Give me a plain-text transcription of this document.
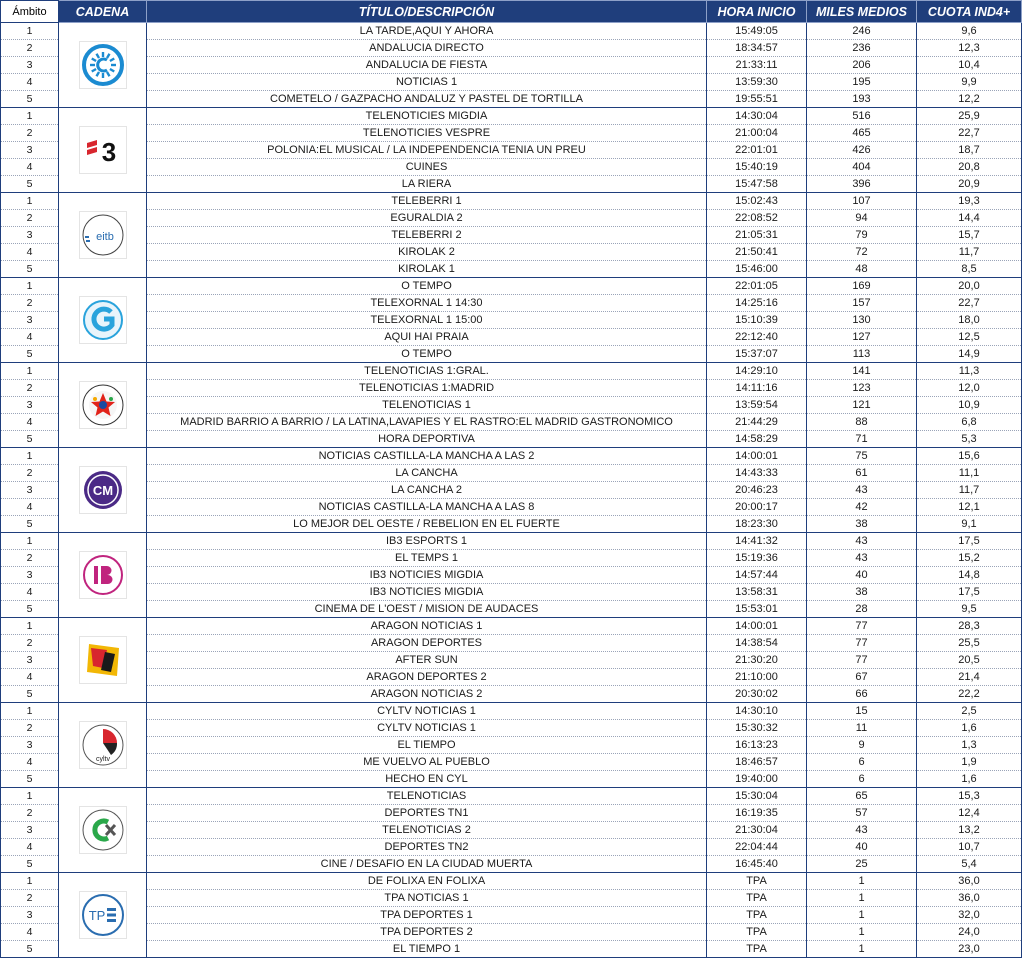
Ámbito	CADENA	TÍTULO/DESCRIPCIÓN	HORA INICIO	MILES MEDIOS	CUOTA IND4+
1		LA TARDE,AQUI Y AHORA	15:49:05	246	9,6
2		ANDALUCIA DIRECTO	18:34:57	236	12,3
3		ANDALUCIA DE FIESTA	21:33:11	206	10,4
4		NOTICIAS 1	13:59:30	195	9,9
5		COMETELO / GAZPACHO ANDALUZ Y PASTEL DE TORTILLA	19:55:51	193	12,2
1	3	TELENOTICIES MIGDIA	14:30:04	516	25,9
2		TELENOTICIES VESPRE	21:00:04	465	22,7
3		POLONIA:EL MUSICAL / LA INDEPENDENCIA TENIA UN PREU	22:01:01	426	18,7
4		CUINES	15:40:19	404	20,8
5		LA RIERA	15:47:58	396	20,9
1	eitb	TELEBERRI 1	15:02:43	107	19,3
2		EGURALDIA 2	22:08:52	94	14,4
3		TELEBERRI 2	21:05:31	79	15,7
4		KIROLAK 2	21:50:41	72	11,7
5		KIROLAK 1	15:46:00	48	8,5
1		O TEMPO	22:01:05	169	20,0
2		TELEXORNAL 1 14:30	14:25:16	157	22,7
3		TELEXORNAL 1 15:00	15:10:39	130	18,0
4		AQUI HAI PRAIA	22:12:40	127	12,5
5		O TEMPO	15:37:07	113	14,9
1		TELENOTICIAS 1:GRAL.	14:29:10	141	11,3
2		TELENOTICIAS 1:MADRID	14:11:16	123	12,0
3		TELENOTICIAS 1	13:59:54	121	10,9
4		MADRID BARRIO A BARRIO / LA LATINA,LAVAPIES Y EL RASTRO:EL MADRID GASTRONOMICO	21:44:29	88	6,8
5		HORA DEPORTIVA	14:58:29	71	5,3
1	CM	NOTICIAS CASTILLA-LA MANCHA A LAS 2	14:00:01	75	15,6
2		LA CANCHA	14:43:33	61	11,1
3		LA CANCHA 2	20:46:23	43	11,7
4		NOTICIAS CASTILLA-LA MANCHA A LAS 8	20:00:17	42	12,1
5		LO MEJOR DEL OESTE / REBELION EN EL FUERTE	18:23:30	38	9,1
1		IB3 ESPORTS 1	14:41:32	43	17,5
2		EL TEMPS 1	15:19:36	43	15,2
3		IB3 NOTICIES MIGDIA	14:57:44	40	14,8
4		IB3 NOTICIES MIGDIA	13:58:31	38	17,5
5		CINEMA DE L'OEST / MISION DE AUDACES	15:53:01	28	9,5
1		ARAGON NOTICIAS 1	14:00:01	77	28,3
2		ARAGON DEPORTES	14:38:54	77	25,5
3		AFTER SUN	21:30:20	77	20,5
4		ARAGON DEPORTES 2	21:10:00	67	21,4
5		ARAGON NOTICIAS 2	20:30:02	66	22,2
1	cyltv	CYLTV NOTICIAS 1	14:30:10	15	2,5
2		CYLTV NOTICIAS 1	15:30:32	11	1,6
3		EL TIEMPO	16:13:23	9	1,3
4		ME VUELVO AL PUEBLO	18:46:57	6	1,9
5		HECHO EN CYL	19:40:00	6	1,6
1		TELENOTICIAS	15:30:04	65	15,3
2		DEPORTES TN1	16:19:35	57	12,4
3		TELENOTICIAS 2	21:30:04	43	13,2
4		DEPORTES TN2	22:04:44	40	10,7
5		CINE / DESAFIO EN LA CIUDAD MUERTA	16:45:40	25	5,4
1	TP	DE FOLIXA EN FOLIXA	TPA	1	36,0
2		TPA NOTICIAS 1	TPA	1	36,0
3		TPA DEPORTES 1	TPA	1	32,0
4		TPA DEPORTES 2	TPA	1	24,0
5		EL TIEMPO 1	TPA	1	23,0
